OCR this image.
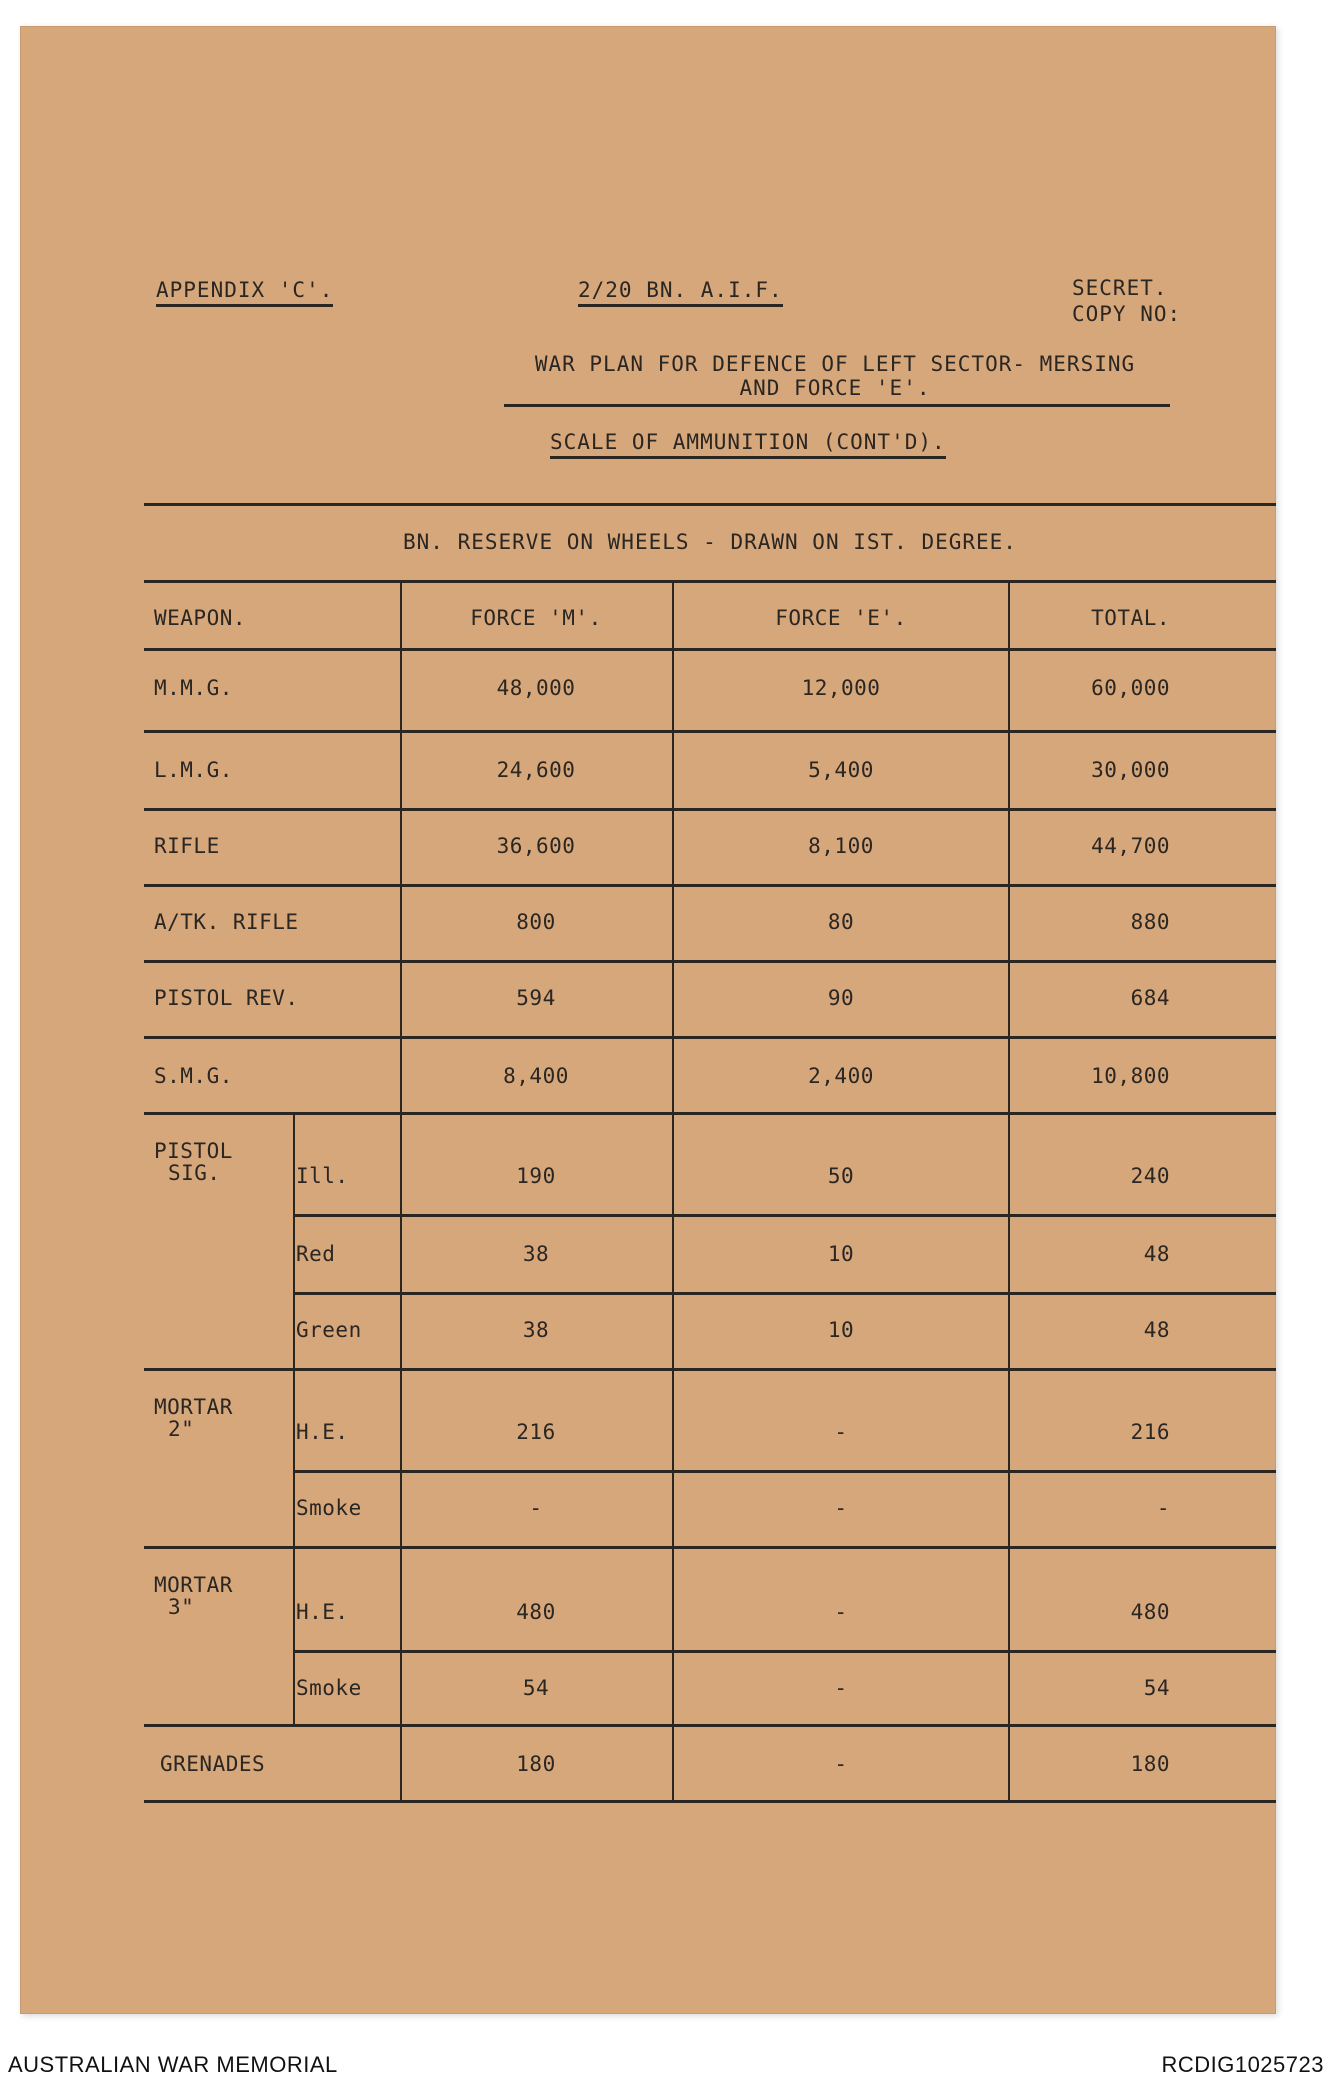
APPENDIX 'C'.	2/20 BN. A.I.F.	SECRET.
COPY NO:
WAR PLAN FOR DEFENCE OF LEFT SECTOR- MERSING
AND FORCE 'E'.
SCALE OF AMMUNITION (CONT'D).
BN. RESERVE ON WHEELS - DRAWN ON IST. DEGREE.
WEAPON.	FORCE 'M'.	FORCE 'E'.	TOTAL.
M.M.G.	48,000	12,000	60,000
L.M.G.	24,600	5,400	30,000
RIFLE	36,600	8,100	44,700
A/TK. RIFLE	800	80	880
PISTOL REV.	594	90	684
S.M.G.	8,400	2,400	10,800
PISTOL
SIG.	Ill.	190	50	240
Red	38	10	48
Green	38	10	48
MORTAR
2"	H.E.	216	-	216
Smoke	-	-	-
MORTAR
3"	H.E.	480	-	480
Smoke	54	-	54
GRENADES	180	-	180
AUSTRALIAN WAR MEMORIAL	RCDIG1025723
